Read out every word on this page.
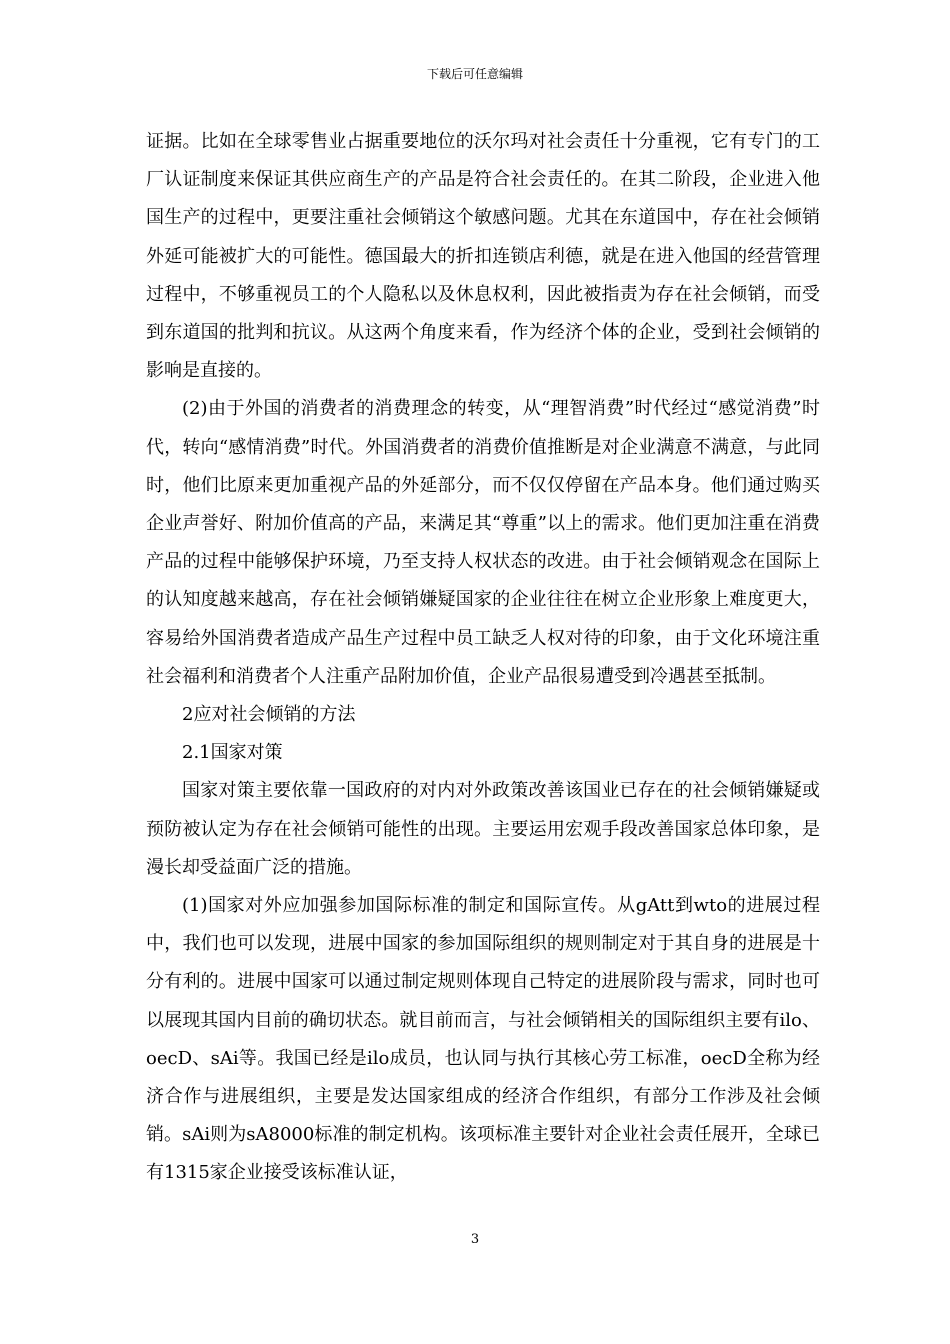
下载后可任意编辑

证据。比如在全球零售业占据重要地位的沃尔玛对社会责任十分重视，它有专门的工厂认证制度来保证其供应商生产的产品是符合社会责任的。在其二阶段，企业进入他国生产的过程中，更要注重社会倾销这个敏感问题。尤其在东道国中，存在社会倾销外延可能被扩大的可能性。德国最大的折扣连锁店利德，就是在进入他国的经营管理过程中，不够重视员工的个人隐私以及休息权利，因此被指责为存在社会倾销，而受到东道国的批判和抗议。从这两个角度来看，作为经济个体的企业，受到社会倾销的影响是直接的。

(2)由于外国的消费者的消费理念的转变，从“理智消费”时代经过“感觉消费”时代，转向“感情消费”时代。外国消费者的消费价值推断是对企业满意不满意，与此同时，他们比原来更加重视产品的外延部分，而不仅仅停留在产品本身。他们通过购买企业声誉好、附加价值高的产品，来满足其“尊重”以上的需求。他们更加注重在消费产品的过程中能够保护环境，乃至支持人权状态的改进。由于社会倾销观念在国际上的认知度越来越高，存在社会倾销嫌疑国家的企业往往在树立企业形象上难度更大，容易给外国消费者造成产品生产过程中员工缺乏人权对待的印象，由于文化环境注重社会福利和消费者个人注重产品附加价值，企业产品很易遭受到冷遇甚至抵制。

2应对社会倾销的方法

2.1国家对策

国家对策主要依靠一国政府的对内对外政策改善该国业已存在的社会倾销嫌疑或预防被认定为存在社会倾销可能性的出现。主要运用宏观手段改善国家总体印象，是漫长却受益面广泛的措施。

(1)国家对外应加强参加国际标准的制定和国际宣传。从gAtt到wto的进展过程中，我们也可以发现，进展中国家的参加国际组织的规则制定对于其自身的进展是十分有利的。进展中国家可以通过制定规则体现自己特定的进展阶段与需求，同时也可以展现其国内目前的确切状态。就目前而言，与社会倾销相关的国际组织主要有ilo、oecD、sAi等。我国已经是ilo成员，也认同与执行其核心劳工标准，oecD全称为经济合作与进展组织，主要是发达国家组成的经济合作组织，有部分工作涉及社会倾销。sAi则为sA8000标准的制定机构。该项标准主要针对企业社会责任展开，全球已有1315家企业接受该标准认证，

3
